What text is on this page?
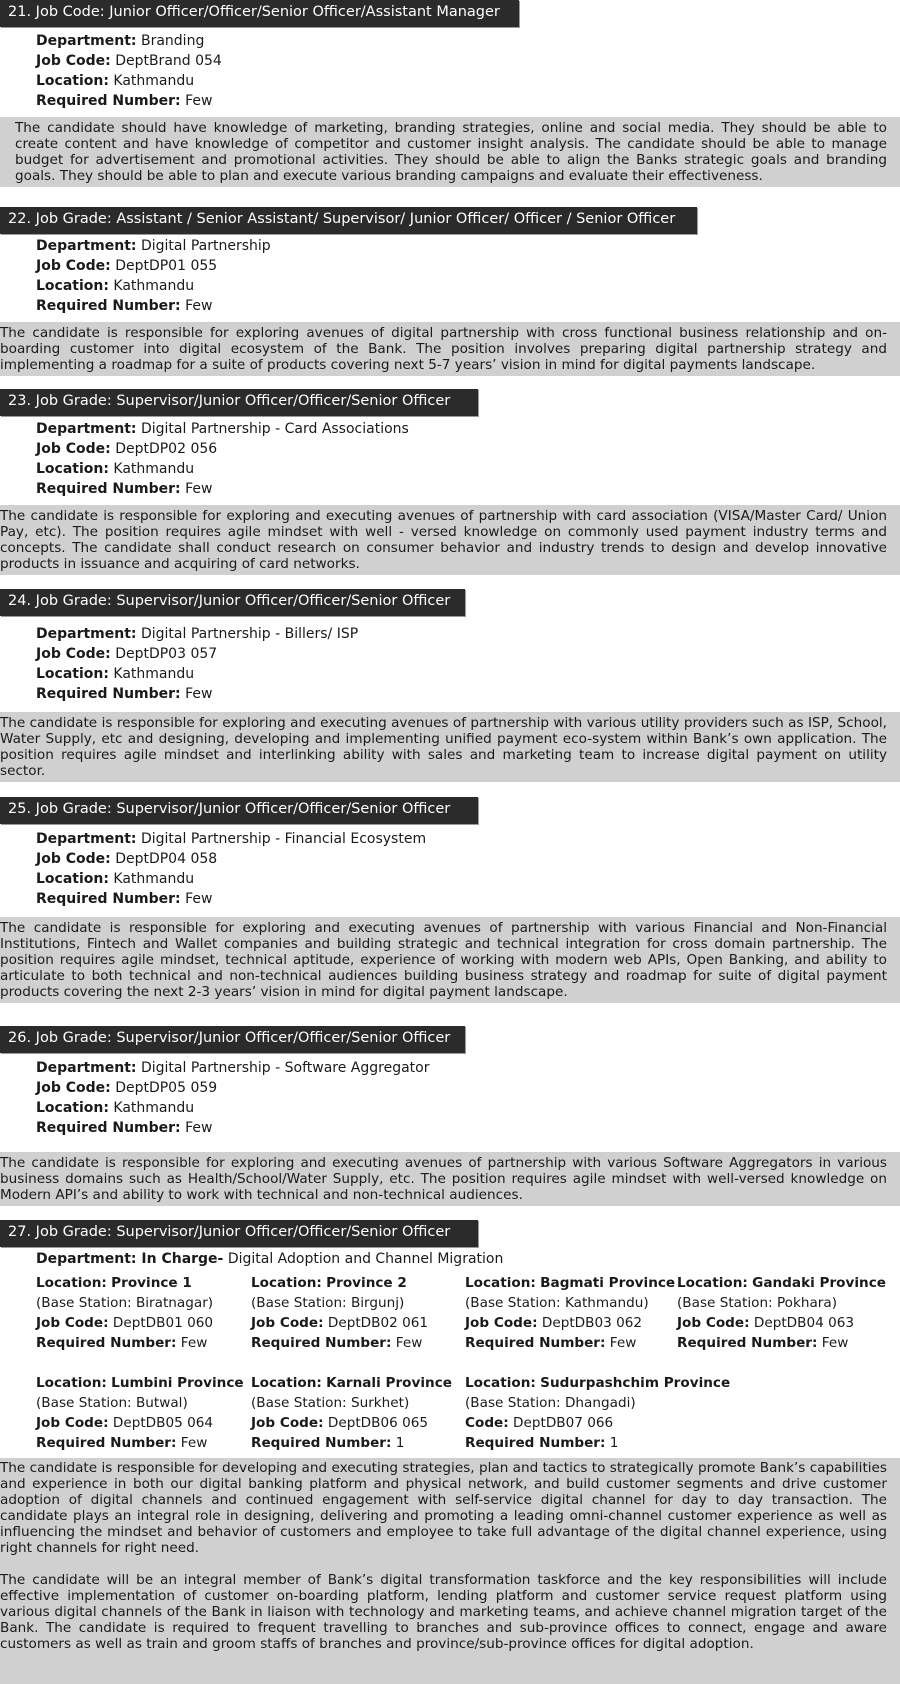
21. Job Code: Junior Officer/Officer/Senior Officer/Assistant Manager
Department: Branding
Job Code: DeptBrand 054
Location: Kathmandu
Required Number: Few

The candidate should have knowledge of marketing, branding strategies, online and social media. They should be able to create content and have knowledge of competitor and customer insight analysis. The candidate should be able to manage budget for advertisement and promotional activities. They should be able to align the Banks strategic goals and branding goals. They should be able to plan and execute various branding campaigns and evaluate their effectiveness.

22. Job Grade: Assistant / Senior Assistant/ Supervisor/ Junior Officer/ Officer / Senior Officer
Department: Digital Partnership
Job Code: DeptDP01 055
Location: Kathmandu
Required Number: Few

The candidate is responsible for exploring avenues of digital partnership with cross functional business relationship and on-boarding customer into digital ecosystem of the Bank. The position involves preparing digital partnership strategy and implementing a roadmap for a suite of products covering next 5-7 years’ vision in mind for digital payments landscape.

23. Job Grade: Supervisor/Junior Officer/Officer/Senior Officer
Department: Digital Partnership - Card Associations
Job Code: DeptDP02 056
Location: Kathmandu
Required Number: Few

The candidate is responsible for exploring and executing avenues of partnership with card association (VISA/Master Card/ Union Pay, etc). The position requires agile mindset with well - versed knowledge on commonly used payment industry terms and concepts. The candidate shall conduct research on consumer behavior and industry trends to design and develop innovative products in issuance and acquiring of card networks.

24. Job Grade: Supervisor/Junior Officer/Officer/Senior Officer
Department: Digital Partnership - Billers/ ISP
Job Code: DeptDP03 057
Location: Kathmandu
Required Number: Few

The candidate is responsible for exploring and executing avenues of partnership with various utility providers such as ISP, School, Water Supply, etc and designing, developing and implementing unified payment eco-system within Bank’s own application. The position requires agile mindset and interlinking ability with sales and marketing team to increase digital payment on utility sector.

25. Job Grade: Supervisor/Junior Officer/Officer/Senior Officer
Department: Digital Partnership - Financial Ecosystem
Job Code: DeptDP04 058
Location: Kathmandu
Required Number: Few

The candidate is responsible for exploring and executing avenues of partnership with various Financial and Non-Financial Institutions, Fintech and Wallet companies and building strategic and technical integration for cross domain partnership. The position requires agile mindset, technical aptitude, experience of working with modern web APIs, Open Banking, and ability to articulate to both technical and non-technical audiences building business strategy and roadmap for suite of digital payment products covering the next 2-3 years’ vision in mind for digital payment landscape.

26. Job Grade: Supervisor/Junior Officer/Officer/Senior Officer
Department: Digital Partnership - Software Aggregator
Job Code: DeptDP05 059
Location: Kathmandu
Required Number: Few

The candidate is responsible for exploring and executing avenues of partnership with various Software Aggregators in various business domains such as Health/School/Water Supply, etc. The position requires agile mindset with well-versed knowledge on Modern API’s and ability to work with technical and non-technical audiences.

27. Job Grade: Supervisor/Junior Officer/Officer/Senior Officer
Department: In Charge- Digital Adoption and Channel Migration
Location: Province 1
(Base Station: Biratnagar)
Job Code: DeptDB01 060
Required Number: Few
Location: Province 2
(Base Station: Birgunj)
Job Code: DeptDB02 061
Required Number: Few
Location: Bagmati Province
(Base Station: Kathmandu)
Job Code: DeptDB03 062
Required Number: Few
Location: Gandaki Province
(Base Station: Pokhara)
Job Code: DeptDB04 063
Required Number: Few
Location: Lumbini Province
(Base Station: Butwal)
Job Code: DeptDB05 064
Required Number: Few
Location: Karnali Province
(Base Station: Surkhet)
Job Code: DeptDB06 065
Required Number: 1
Location: Sudurpashchim Province
(Base Station: Dhangadi)
Code: DeptDB07 066
Required Number: 1

The candidate is responsible for developing and executing strategies, plan and tactics to strategically promote Bank’s capabilities and experience in both our digital banking platform and physical network, and build customer segments and drive customer adoption of digital channels and continued engagement with self-service digital channel for day to day transaction. The candidate plays an integral role in designing, delivering and promoting a leading omni-channel customer experience as well as influencing the mindset and behavior of customers and employee to take full advantage of the digital channel experience, using right channels for right need.

The candidate will be an integral member of Bank’s digital transformation taskforce and the key responsibilities will include effective implementation of customer on-boarding platform, lending platform and customer service request platform using various digital channels of the Bank in liaison with technology and marketing teams, and achieve channel migration target of the Bank. The candidate is required to frequent travelling to branches and sub-province offices to connect, engage and aware customers as well as train and groom staffs of branches and province/sub-province offices for digital adoption.
